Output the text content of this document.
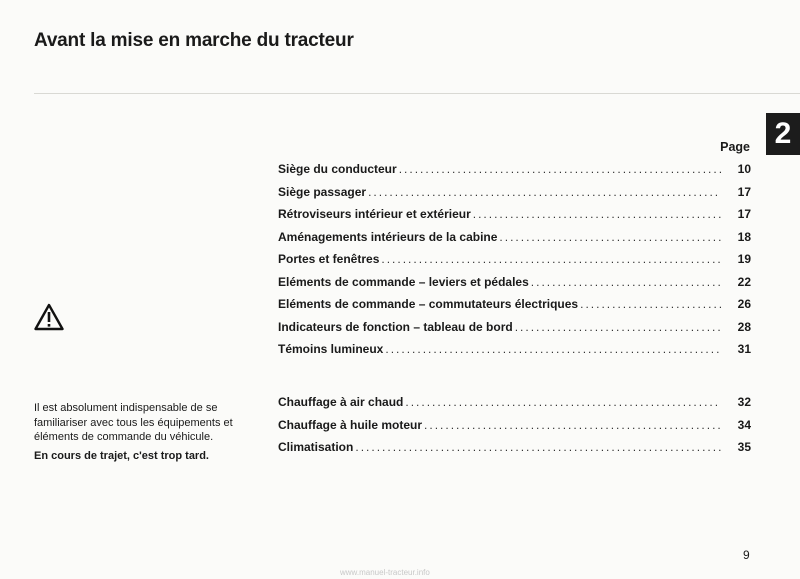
Avant la mise en marche du tracteur
2
Page
Siège du conducteur .....	10
Siège passager .....	17
Rétroviseurs intérieur et extérieur .....	17
Aménagements intérieurs de la cabine .....	18
Portes et fenêtres .....	19
Eléments de commande – leviers et pédales .....	22
Eléments de commande – commutateurs électriques .....	26
Indicateurs de fonction – tableau de bord .....	28
Témoins lumineux .....	31
Chauffage à air chaud .....	32
Chauffage à huile moteur .....	34
Climatisation .....	35

Il est absolument indispensable de se familiariser avec tous les équipements et éléments de commande du véhicule.

En cours de trajet, c'est trop tard.

9
www.manuel-tracteur.info
